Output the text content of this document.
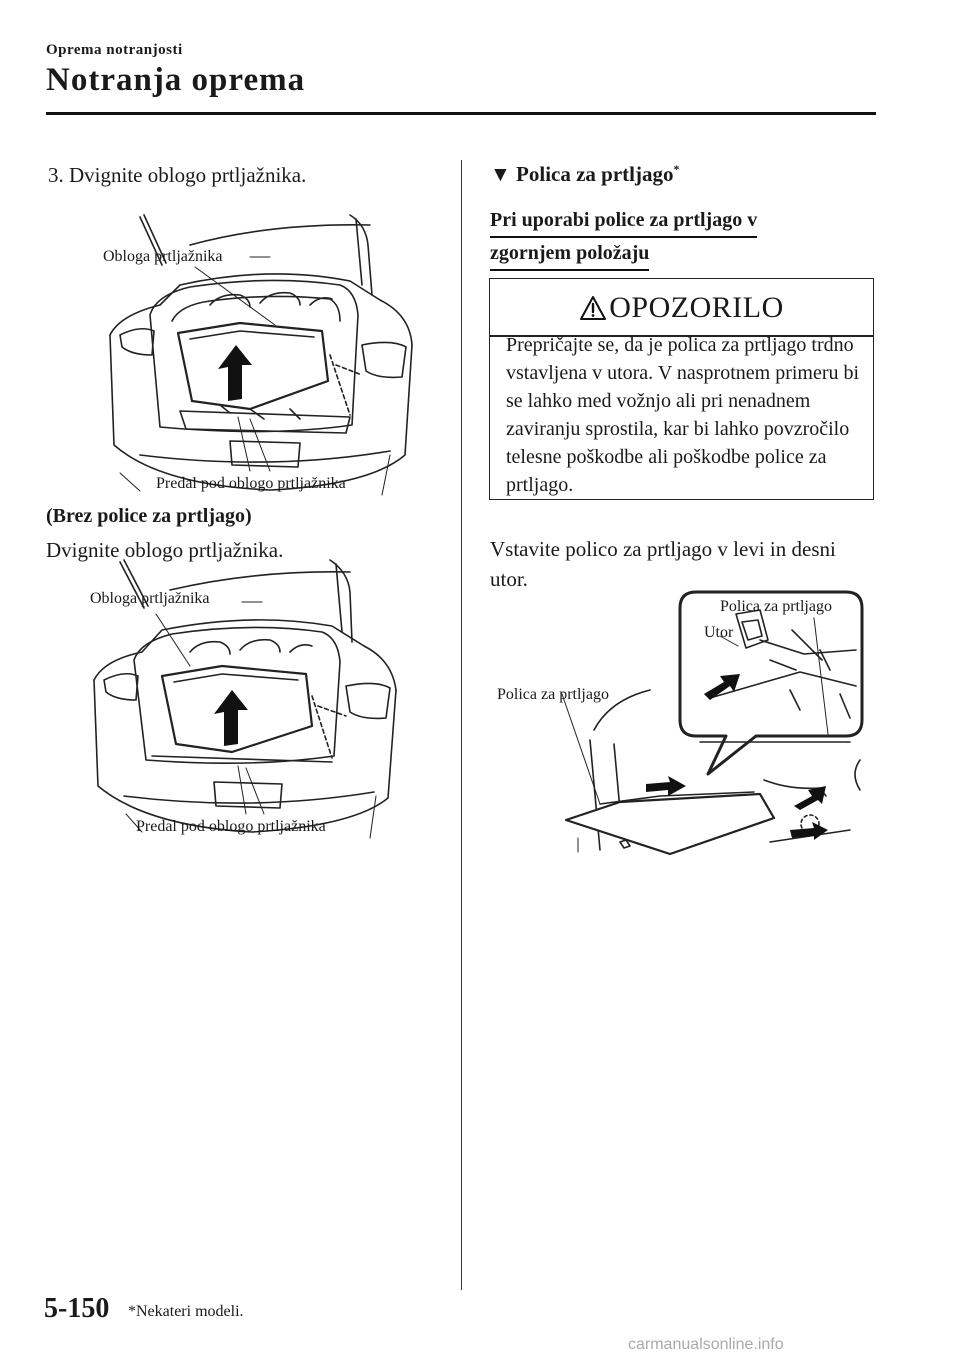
Oprema notranjosti
Notranja oprema
3. Dvignite oblogo prtljažnika.
Obloga prtljažnika
Predal pod oblogo prtljažnika
(Brez police za prtljago)
Dvignite oblogo prtljažnika.
Obloga prtljažnika
Predal pod oblogo prtljažnika
▼ Polica za prtljago*
Pri uporabi police za prtljago v
zgornjem položaju
OPOZORILO
Prepričajte se, da je polica za prtljago trdno vstavljena v utora. V nasprotnem primeru bi se lahko med vožnjo ali pri nenadnem zaviranju sprostila, kar bi lahko povzročilo telesne poškodbe ali poškodbe police za prtljago.
Vstavite polico za prtljago v levi in desni utor.
Polica za prtljago
Utor
Polica za prtljago
5-150 *Nekateri modeli.
carmanualsonline.info
